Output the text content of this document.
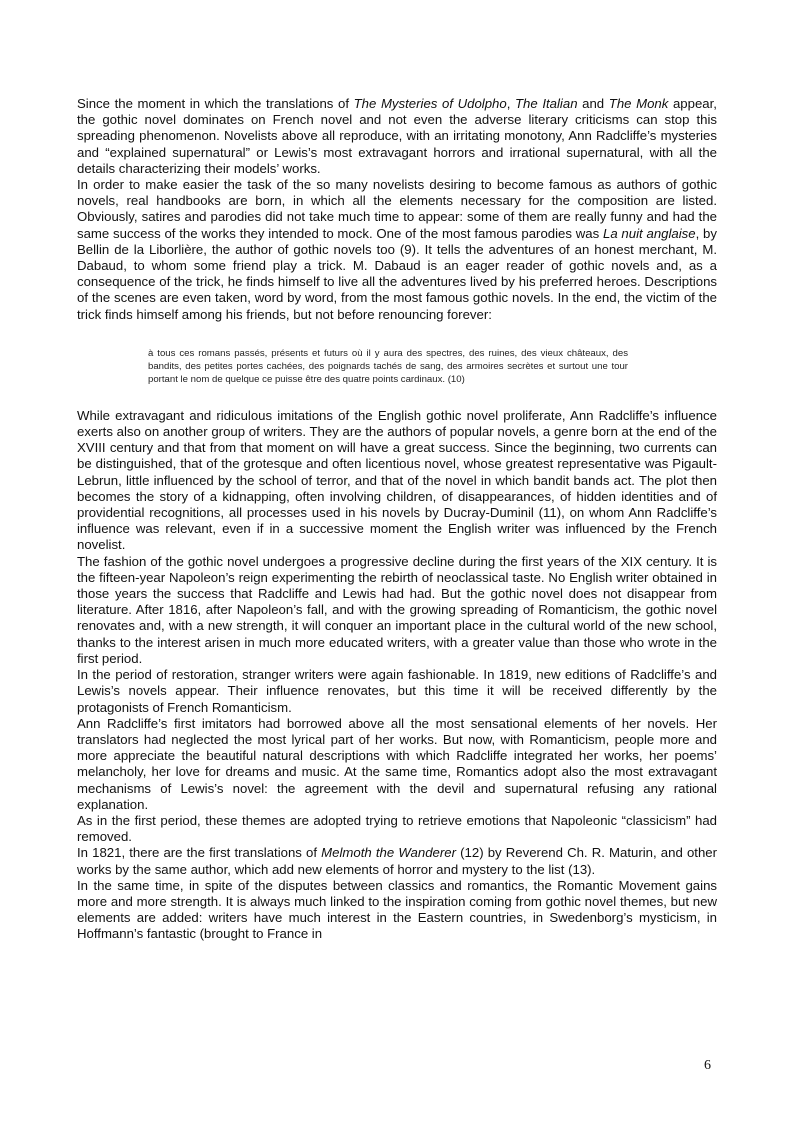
Since the moment in which the translations of The Mysteries of Udolpho, The Italian and The Monk appear, the gothic novel dominates on French novel and not even the adverse literary criticisms can stop this spreading phenomenon. Novelists above all reproduce, with an irritating monotony, Ann Radcliffe’s mysteries and “explained supernatural” or Lewis’s most extravagant horrors and irrational supernatural, with all the details characterizing their models’ works.

In order to make easier the task of the so many novelists desiring to become famous as authors of gothic novels, real handbooks are born, in which all the elements necessary for the composition are listed. Obviously, satires and parodies did not take much time to appear: some of them are really funny and had the same success of the works they intended to mock. One of the most famous parodies was La nuit anglaise, by Bellin de la Liborlière, the author of gothic novels too (9). It tells the adventures of an honest merchant, M. Dabaud, to whom some friend play a trick. M. Dabaud is an eager reader of gothic novels and, as a consequence of the trick, he finds himself to live all the adventures lived by his preferred heroes. Descriptions of the scenes are even taken, word by word, from the most famous gothic novels. In the end, the victim of the trick finds himself among his friends, but not before renouncing forever:

à tous ces romans passés, présents et futurs où il y aura des spectres, des ruines, des vieux châteaux, des bandits, des petites portes cachées, des poignards tachés de sang, des armoires secrètes et surtout une tour portant le nom de quelque ce puisse être des quatre points cardinaux. (10)

While extravagant and ridiculous imitations of the English gothic novel proliferate, Ann Radcliffe’s influence exerts also on another group of writers. They are the authors of popular novels, a genre born at the end of the XVIII century and that from that moment on will have a great success. Since the beginning, two currents can be distinguished, that of the grotesque and often licentious novel, whose greatest representative was Pigault-Lebrun, little influenced by the school of terror, and that of the novel in which bandit bands act. The plot then becomes the story of a kidnapping, often involving children, of disappearances, of hidden identities and of providential recognitions, all processes used in his novels by Ducray-Duminil (11), on whom Ann Radcliffe’s influence was relevant, even if in a successive moment the English writer was influenced by the French novelist.

The fashion of the gothic novel undergoes a progressive decline during the first years of the XIX century. It is the fifteen-year Napoleon’s reign experimenting the rebirth of neoclassical taste. No English writer obtained in those years the success that Radcliffe and Lewis had had. But the gothic novel does not disappear from literature. After 1816, after Napoleon’s fall, and with the growing spreading of Romanticism, the gothic novel renovates and, with a new strength, it will conquer an important place in the cultural world of the new school, thanks to the interest arisen in much more educated writers, with a greater value than those who wrote in the first period.

In the period of restoration, stranger writers were again fashionable. In 1819, new editions of Radcliffe’s and Lewis’s novels appear. Their influence renovates, but this time it will be received differently by the protagonists of French Romanticism.

Ann Radcliffe’s first imitators had borrowed above all the most sensational elements of her novels. Her translators had neglected the most lyrical part of her works. But now, with Romanticism, people more and more appreciate the beautiful natural descriptions with which Radcliffe integrated her works, her poems’ melancholy, her love for dreams and music. At the same time, Romantics adopt also the most extravagant mechanisms of Lewis’s novel: the agreement with the devil and supernatural refusing any rational explanation.

As in the first period, these themes are adopted trying to retrieve emotions that Napoleonic “classicism” had removed.

In 1821, there are the first translations of Melmoth the Wanderer (12) by Reverend Ch. R. Maturin, and other works by the same author, which add new elements of horror and mystery to the list (13).

In the same time, in spite of the disputes between classics and romantics, the Romantic Movement gains more and more strength. It is always much linked to the inspiration coming from gothic novel themes, but new elements are added: writers have much interest in the Eastern countries, in Swedenborg’s mysticism, in Hoffmann’s fantastic (brought to France in

6
